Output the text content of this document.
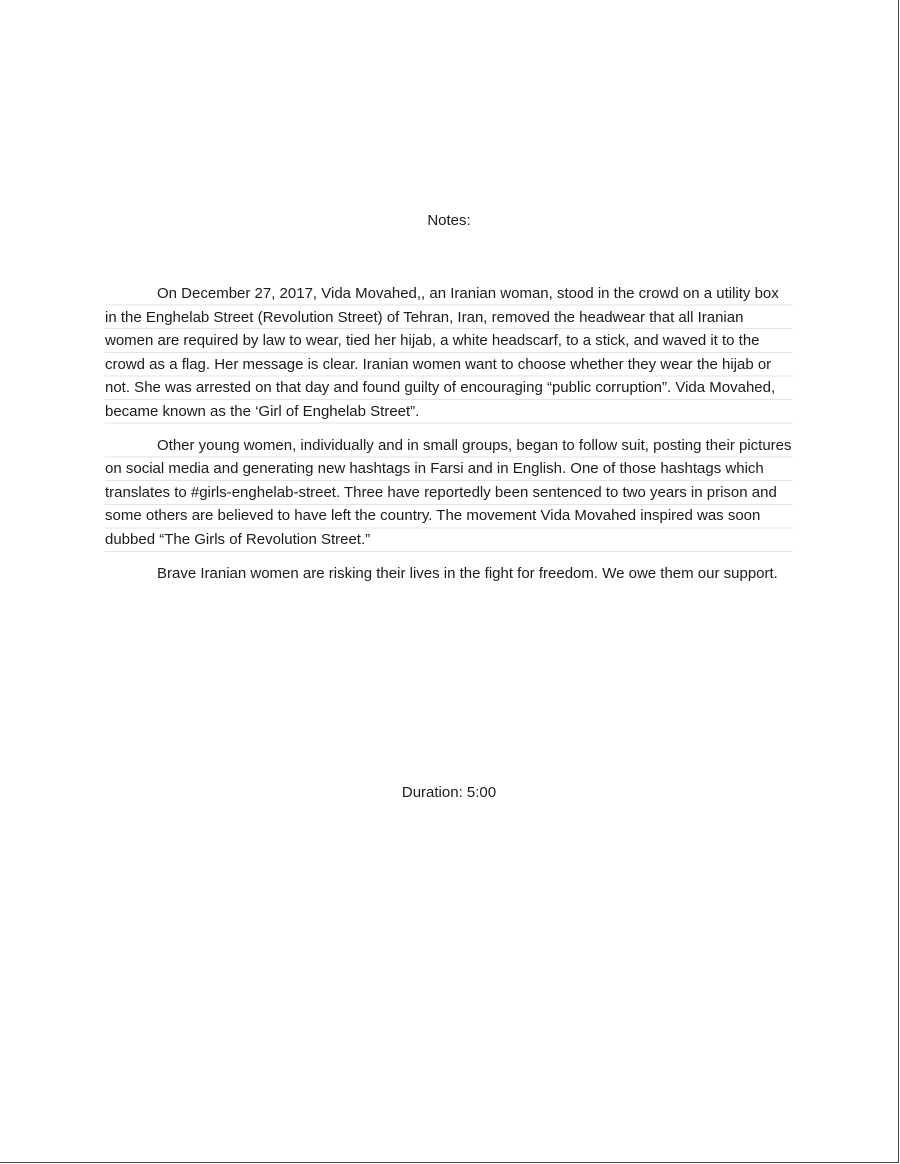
Notes:

On December 27, 2017, Vida Movahed,, an Iranian woman, stood in the crowd on a utility box in the Enghelab Street (Revolution Street) of Tehran, Iran, removed the headwear that all Iranian women are required by law to wear, tied her hijab, a white headscarf, to a stick, and waved it to the crowd as a flag. Her message is clear. Iranian women want to choose whether they wear the hijab or not. She was arrested on that day and found guilty of encouraging “public corruption”. Vida Movahed, became known as the ‘Girl of Enghelab Street”.

Other young women, individually and in small groups, began to follow suit, posting their pictures on social media and generating new hashtags in Farsi and in English. One of those hashtags which translates to #girls-enghelab-street. Three have reportedly been sentenced to two years in prison and some others are believed to have left the country. The movement Vida Movahed inspired was soon dubbed “The Girls of Revolution Street.”

Brave Iranian women are risking their lives in the fight for freedom. We owe them our support.

Duration: 5:00
